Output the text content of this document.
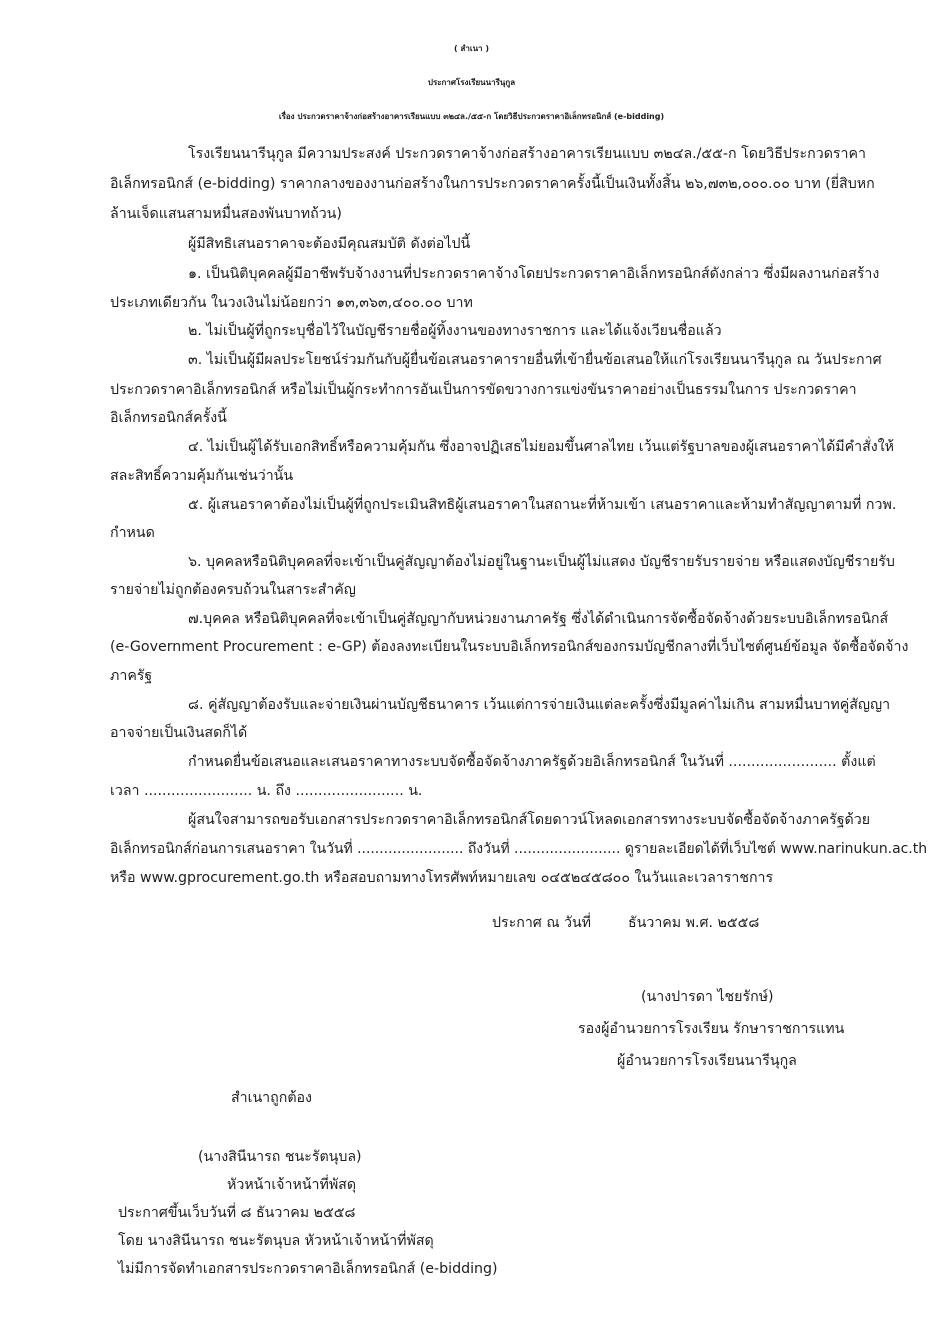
( สำเนา )

ประกาศโรงเรียนนารีนุกูล

เรื่อง ประกวดราคาจ้างก่อสร้างอาคารเรียนแบบ ๓๒๔ล./๕๕-ก โดยวิธีประกวดราคาอิเล็กทรอนิกส์ (e-bidding)

โรงเรียนนารีนุกูล มีความประสงค์ ประกวดราคาจ้างก่อสร้างอาคารเรียนแบบ ๓๒๔ล./๕๕-ก โดยวิธีประกวดราคา

อิเล็กทรอนิกส์ (e-bidding) ราคากลางของงานก่อสร้างในการประกวดราคาครั้งนี้เป็นเงินทั้งสิ้น ๒๖,๗๓๒,๐๐๐.๐๐ บาท (ยี่สิบหก

ล้านเจ็ดแสนสามหมื่นสองพันบาทถ้วน)

ผู้มีสิทธิเสนอราคาจะต้องมีคุณสมบัติ ดังต่อไปนี้

๑. เป็นนิติบุคคลผู้มีอาชีพรับจ้างงานที่ประกวดราคาจ้างโดยประกวดราคาอิเล็กทรอนิกส์ดังกล่าว ซึ่งมีผลงานก่อสร้าง

ประเภทเดียวกัน ในวงเงินไม่น้อยกว่า ๑๓,๓๖๓,๔๐๐.๐๐ บาท

๒. ไม่เป็นผู้ที่ถูกระบุชื่อไว้ในบัญชีรายชื่อผู้ทิ้งงานของทางราชการ และได้แจ้งเวียนชื่อแล้ว

๓. ไม่เป็นผู้มีผลประโยชน์ร่วมกันกับผู้ยื่นข้อเสนอราคารายอื่นที่เข้ายื่นข้อเสนอให้แก่โรงเรียนนารีนุกูล ณ วันประกาศ

ประกวดราคาอิเล็กทรอนิกส์ หรือไม่เป็นผู้กระทำการอันเป็นการขัดขวางการแข่งขันราคาอย่างเป็นธรรมในการ ประกวดราคา

อิเล็กทรอนิกส์ครั้งนี้

๔. ไม่เป็นผู้ได้รับเอกสิทธิ์หรือความคุ้มกัน ซึ่งอาจปฏิเสธไม่ยอมขึ้นศาลไทย เว้นแต่รัฐบาลของผู้เสนอราคาได้มีคำสั่งให้

สละสิทธิ์ความคุ้มกันเช่นว่านั้น

๕. ผู้เสนอราคาต้องไม่เป็นผู้ที่ถูกประเมินสิทธิผู้เสนอราคาในสถานะที่ห้ามเข้า เสนอราคาและห้ามทำสัญญาตามที่ กวพ.

กำหนด

๖. บุคคลหรือนิติบุคคลที่จะเข้าเป็นคู่สัญญาต้องไม่อยู่ในฐานะเป็นผู้ไม่แสดง บัญชีรายรับรายจ่าย หรือแสดงบัญชีรายรับ

รายจ่ายไม่ถูกต้องครบถ้วนในสาระสำคัญ

๗.บุคคล หรือนิติบุคคลที่จะเข้าเป็นคู่สัญญากับหน่วยงานภาครัฐ ซึ่งได้ดำเนินการจัดซื้อจัดจ้างด้วยระบบอิเล็กทรอนิกส์

(e-Government Procurement : e-GP) ต้องลงทะเบียนในระบบอิเล็กทรอนิกส์ของกรมบัญชีกลางที่เว็บไซต์ศูนย์ข้อมูล จัดซื้อจัดจ้าง

ภาครัฐ

๘. คู่สัญญาต้องรับและจ่ายเงินผ่านบัญชีธนาคาร เว้นแต่การจ่ายเงินแต่ละครั้งซึ่งมีมูลค่าไม่เกิน สามหมื่นบาทคู่สัญญา

อาจจ่ายเป็นเงินสดก็ได้

กำหนดยื่นข้อเสนอและเสนอราคาทางระบบจัดซื้อจัดจ้างภาครัฐด้วยอิเล็กทรอนิกส์ ในวันที่ ........................ ตั้งแต่

เวลา ........................ น. ถึง ........................ น.

ผู้สนใจสามารถขอรับเอกสารประกวดราคาอิเล็กทรอนิกส์โดยดาวน์โหลดเอกสารทางระบบจัดซื้อจัดจ้างภาครัฐด้วย

อิเล็กทรอนิกส์ก่อนการเสนอราคา ในวันที่ ........................ ถึงวันที่ ........................ ดูรายละเอียดได้ที่เว็บไซต์ www.narinukun.ac.th

หรือ www.gprocurement.go.th หรือสอบถามทางโทรศัพท์หมายเลข ๐๔๕๒๔๕๘๐๐ ในวันและเวลาราชการ

ประกาศ ณ วันที่	ธันวาคม พ.ศ. ๒๕๕๘

(นางปารดา ไชยรักษ์)

รองผู้อำนวยการโรงเรียน รักษาราชการแทน

ผู้อำนวยการโรงเรียนนารีนุกูล

สำเนาถูกต้อง

(นางสินีนารถ ชนะรัตนุบล)

หัวหน้าเจ้าหน้าที่พัสดุ

ประกาศขึ้นเว็บวันที่ ๘ ธันวาคม ๒๕๕๘

โดย นางสินีนารถ ชนะรัตนุบล หัวหน้าเจ้าหน้าที่พัสดุ

ไม่มีการจัดทำเอกสารประกวดราคาอิเล็กทรอนิกส์ (e-bidding)
